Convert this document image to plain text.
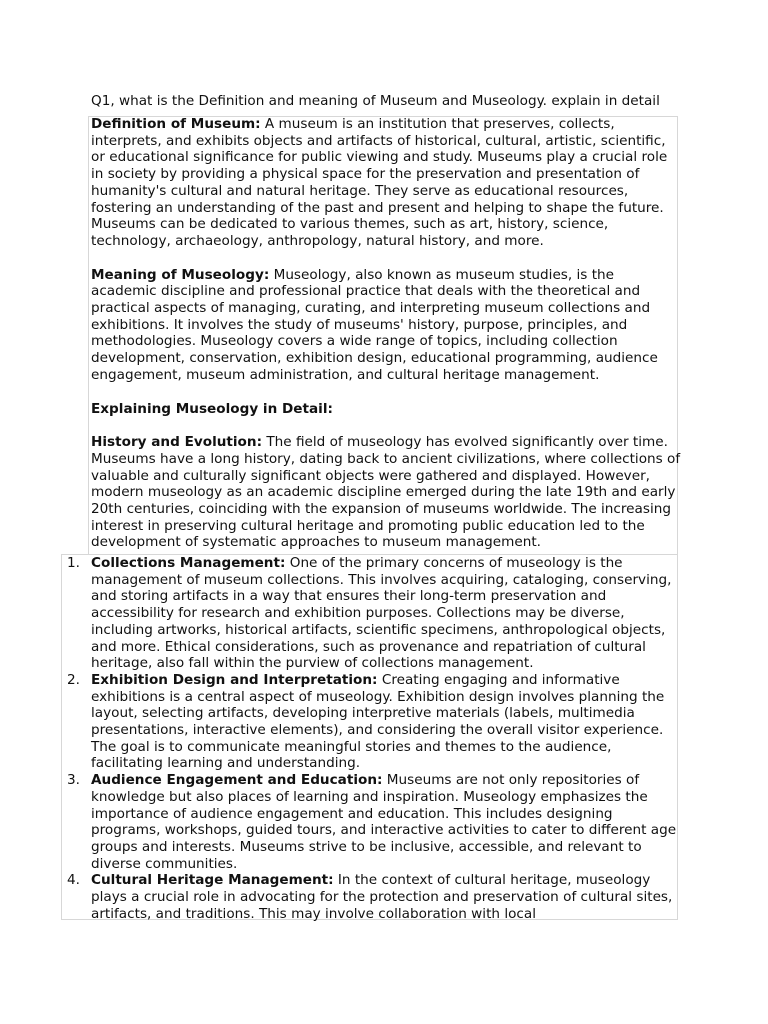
Q1, what is the Definition and meaning of Museum and Museology. explain in detail

Definition of Museum: A museum is an institution that preserves, collects, interprets, and exhibits objects and artifacts of historical, cultural, artistic, scientific, or educational significance for public viewing and study. Museums play a crucial role in society by providing a physical space for the preservation and presentation of humanity's cultural and natural heritage. They serve as educational resources, fostering an understanding of the past and present and helping to shape the future. Museums can be dedicated to various themes, such as art, history, science, technology, archaeology, anthropology, natural history, and more.

Meaning of Museology: Museology, also known as museum studies, is the academic discipline and professional practice that deals with the theoretical and practical aspects of managing, curating, and interpreting museum collections and exhibitions. It involves the study of museums' history, purpose, principles, and methodologies. Museology covers a wide range of topics, including collection development, conservation, exhibition design, educational programming, audience engagement, museum administration, and cultural heritage management.

Explaining Museology in Detail:

History and Evolution: The field of museology has evolved significantly over time. Museums have a long history, dating back to ancient civilizations, where collections of valuable and culturally significant objects were gathered and displayed. However, modern museology as an academic discipline emerged during the late 19th and early 20th centuries, coinciding with the expansion of museums worldwide. The increasing interest in preserving cultural heritage and promoting public education led to the development of systematic approaches to museum management.

1. Collections Management: One of the primary concerns of museology is the management of museum collections. This involves acquiring, cataloging, conserving, and storing artifacts in a way that ensures their long-term preservation and accessibility for research and exhibition purposes. Collections may be diverse, including artworks, historical artifacts, scientific specimens, anthropological objects, and more. Ethical considerations, such as provenance and repatriation of cultural heritage, also fall within the purview of collections management.
2. Exhibition Design and Interpretation: Creating engaging and informative exhibitions is a central aspect of museology. Exhibition design involves planning the layout, selecting artifacts, developing interpretive materials (labels, multimedia presentations, interactive elements), and considering the overall visitor experience. The goal is to communicate meaningful stories and themes to the audience, facilitating learning and understanding.
3. Audience Engagement and Education: Museums are not only repositories of knowledge but also places of learning and inspiration. Museology emphasizes the importance of audience engagement and education. This includes designing programs, workshops, guided tours, and interactive activities to cater to different age groups and interests. Museums strive to be inclusive, accessible, and relevant to diverse communities.
4. Cultural Heritage Management: In the context of cultural heritage, museology plays a crucial role in advocating for the protection and preservation of cultural sites, artifacts, and traditions. This may involve collaboration with local
